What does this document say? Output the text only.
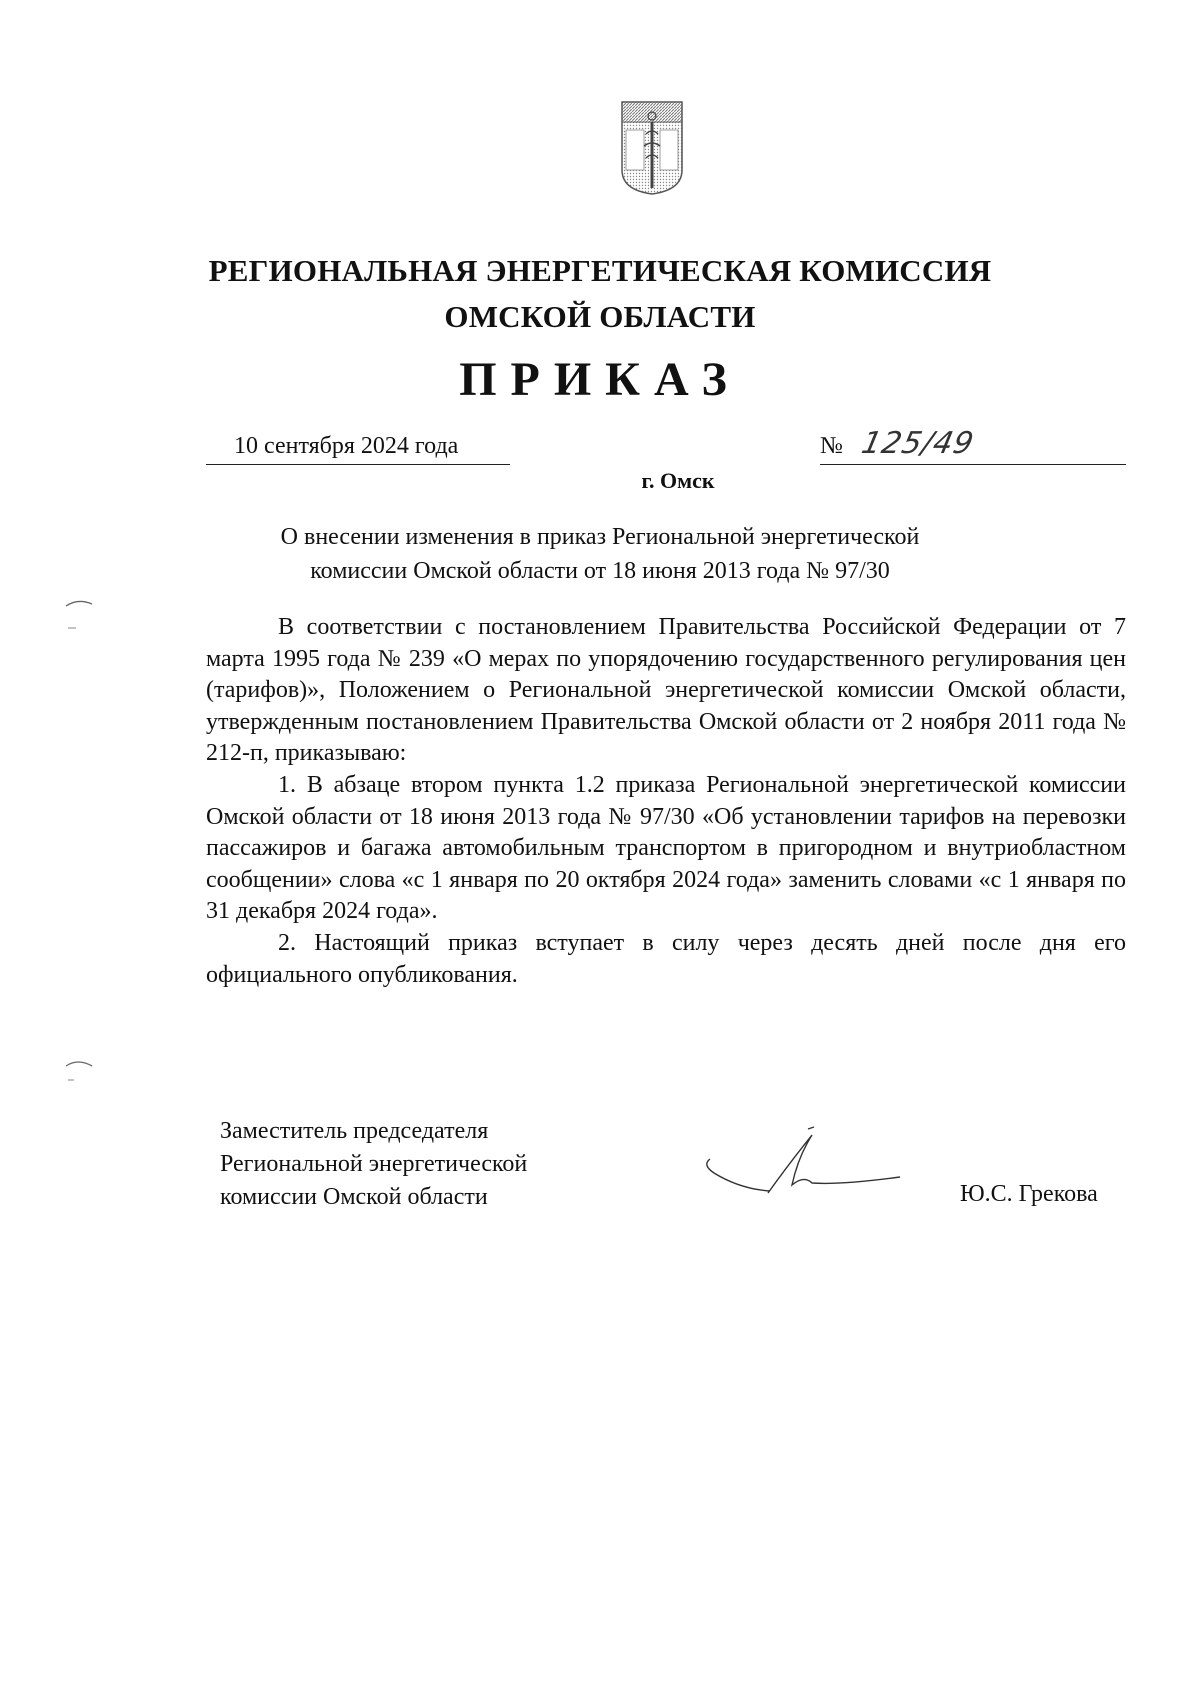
РЕГИОНАЛЬНАЯ ЭНЕРГЕТИЧЕСКАЯ КОМИССИЯ
ОМСКОЙ ОБЛАСТИ
ПРИКАЗ
10 сентября 2024 года	№ 125/49
г. Омск
О внесении изменения в приказ Региональной энергетической
комиссии Омской области от 18 июня 2013 года № 97/30

В соответствии с постановлением Правительства Российской Федерации от 7 марта 1995 года № 239 «О мерах по упорядочению государственного регулирования цен (тарифов)», Положением о Региональной энергетической комиссии Омской области, утвержденным постановлением Правительства Омской области от 2 ноября 2011 года № 212-п, приказываю:

1. В абзаце втором пункта 1.2 приказа Региональной энергетической комиссии Омской области от 18 июня 2013 года № 97/30 «Об установлении тарифов на перевозки пассажиров и багажа автомобильным транспортом в пригородном и внутриобластном сообщении» слова «с 1 января по 20 октября 2024 года» заменить словами «с 1 января по 31 декабря 2024 года».

2. Настоящий приказ вступает в силу через десять дней после дня его официального опубликования.

Заместитель председателя
Региональной энергетической
комиссии Омской области	Ю.С. Грекова
